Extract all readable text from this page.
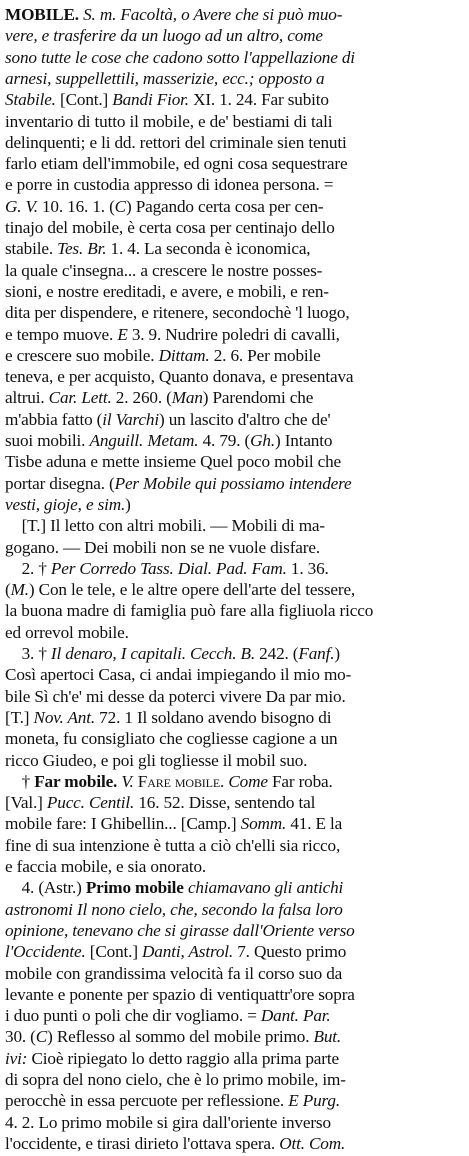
MOBILE. S. m. Facoltà, o Avere che si può muo-
vere, e trasferire da un luogo ad un altro, come
sono tutte le cose che cadono sotto l'appellazione di
arnesi, suppellettili, masserizie, ecc.; opposto a
Stabile. [Cont.] Bandi Fior. XI. 1. 24. Far subito
inventario di tutto il mobile, e de' bestiami di tali
delinquenti; e li dd. rettori del criminale sien tenuti
farlo etiam dell'immobile, ed ogni cosa sequestrare
e porre in custodia appresso di idonea persona. =
G. V. 10. 16. 1. (C) Pagando certa cosa per cen-
tinajo del mobile, è certa cosa per centinajo dello
stabile. Tes. Br. 1. 4. La seconda è iconomica,
la quale c'insegna... a crescere le nostre posses-
sioni, e nostre ereditadi, e avere, e mobili, e ren-
dita per dispendere, e ritenere, secondochè 'l luogo,
e tempo muove. E 3. 9. Nudrire poledri di cavalli,
e crescere suo mobile. Dittam. 2. 6. Per mobile
teneva, e per acquisto, Quanto donava, e presentava
altrui. Car. Lett. 2. 260. (Man) Parendomi che
m'abbia fatto (il Varchi) un lascito d'altro che de'
suoi mobili. Anguill. Metam. 4. 79. (Gh.) Intanto
Tisbe aduna e mette insieme Quel poco mobil che
portar disegna. (Per Mobile qui possiamo intendere
vesti, gioje, e sim.)
[T.] Il letto con altri mobili. — Mobili di ma-
gogano. — Dei mobili non se ne vuole disfare.
2. † Per Corredo Tass. Dial. Pad. Fam. 1. 36.
(M.) Con le tele, e le altre opere dell'arte del tessere,
la buona madre di famiglia può fare alla figliuola ricco
ed orrevol mobile.
3. † Il denaro, I capitali. Cecch. B. 242. (Fanf.)
Così apertoci Casa, ci andai impiegando il mio mo-
bile Sì ch'e' mi desse da poterci vivere Da par mio.
[T.] Nov. Ant. 72. 1 Il soldano avendo bisogno di
moneta, fu consigliato che cogliesse cagione a un
ricco Giudeo, e poi gli togliesse il mobil suo.
† Far mobile. V. Fare mobile. Come Far roba.
[Val.] Pucc. Centil. 16. 52. Disse, sentendo tal
mobile fare: I Ghibellin... [Camp.] Somm. 41. E la
fine di sua intenzione è tutta a ciò ch'elli sia ricco,
e faccia mobile, e sia onorato.
4. (Astr.) Primo mobile chiamavano gli antichi
astronomi Il nono cielo, che, secondo la falsa loro
opinione, tenevano che si girasse dall'Oriente verso
l'Occidente. [Cont.] Danti, Astrol. 7. Questo primo
mobile con grandissima velocità fa il corso suo da
levante e ponente per spazio di ventiquattr'ore sopra
i duo punti o poli che dir vogliamo. = Dant. Par.
30. (C) Reflesso al sommo del mobile primo. But.
ivi: Cioè ripiegato lo detto raggio alla prima parte
di sopra del nono cielo, che è lo primo mobile, im-
perocchè in essa percuote per reflessione. E Purg.
4. 2. Lo primo mobile si gira dall'oriente inverso
l'occidente, e tirasi dirieto l'ottava spera. Ott. Com.
